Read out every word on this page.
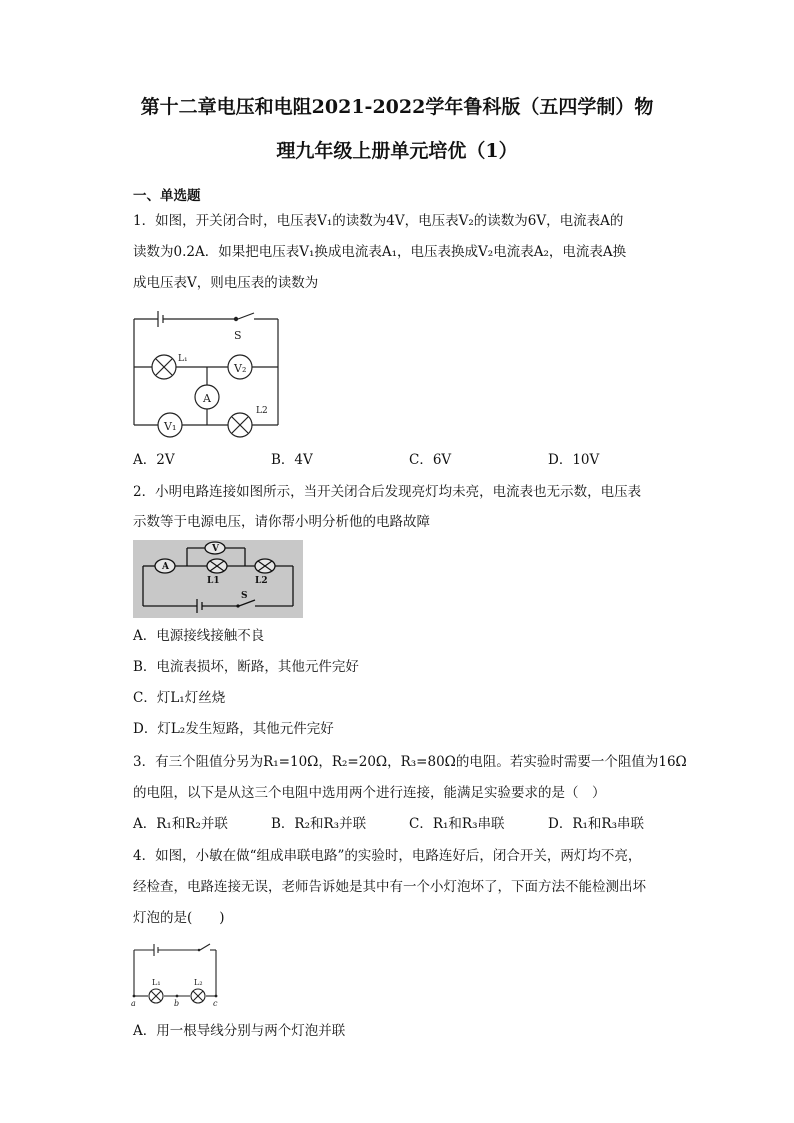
第十二章电压和电阻2021-2022学年鲁科版（五四学制）物
理九年级上册单元培优（1）
一、单选题
1．如图，开关闭合时，电压表V₁的读数为4V，电压表V₂的读数为6V，电流表A的
读数为0.2A．如果把电压表V₁换成电流表A₁，电压表换成V₂电流表A₂，电流表A换
成电压表V，则电压表的读数为
S
L₁
V₂
A
L2
V₁
A．2V	B．4V	C．6V	D．10V
2．小明电路连接如图所示，当开关闭合后发现亮灯均未亮，电流表也无示数，电压表
示数等于电源电压，请你帮小明分析他的电路故障
V
A
L1	L2
S
A．电源接线接触不良
B．电流表损坏，断路，其他元件完好
C．灯L₁灯丝烧
D．灯L₂发生短路，其他元件完好
3．有三个阻值分另为R₁=10Ω，R₂=20Ω，R₃=80Ω的电阻。若实验时需要一个阻值为16Ω
的电阻，以下是从这三个电阻中选用两个进行连接，能满足实验要求的是（　）
A．R₁和R₂并联	B．R₂和R₃并联	C．R₁和R₃串联	D．R₁和R₃串联
4．如图，小敏在做“组成串联电路”的实验时，电路连好后，闭合开关，两灯均不亮，
经检查，电路连接无误，老师告诉她是其中有一个小灯泡坏了，下面方法不能检测出坏
灯泡的是(　　)
L₁	L₂
a	b	c
A．用一根导线分别与两个灯泡并联
